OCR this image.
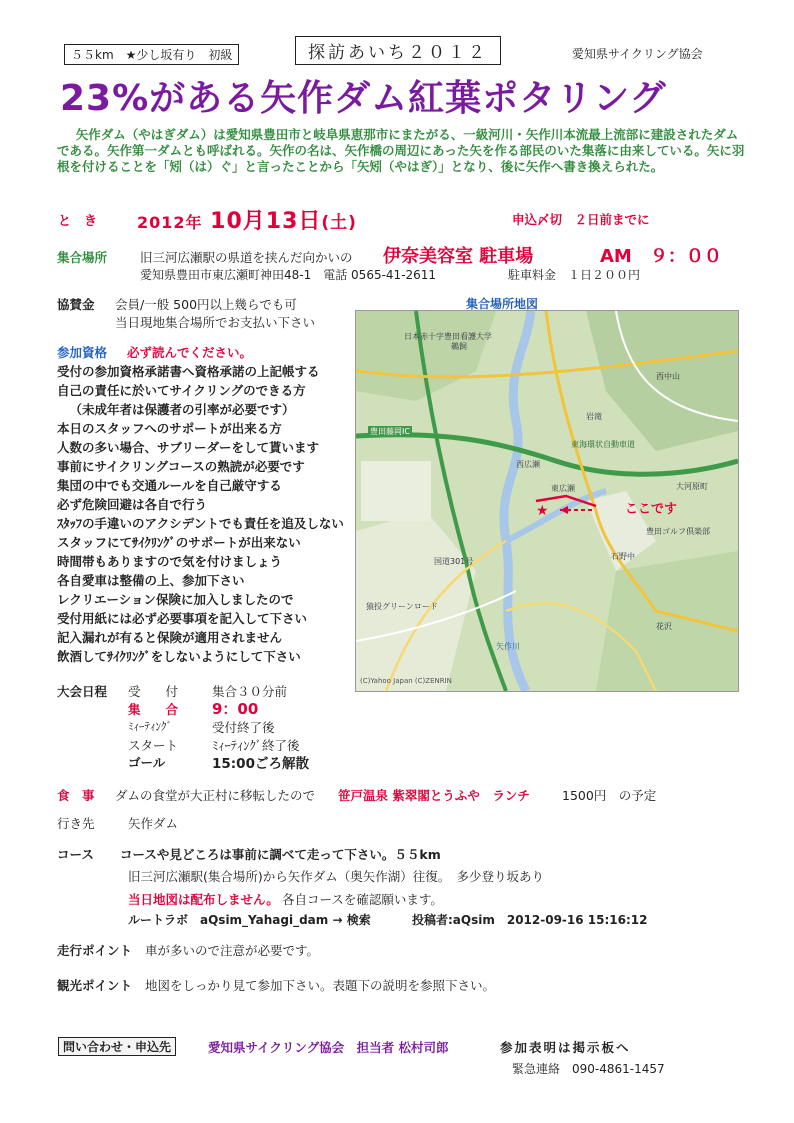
５５km　★少し坂有り　初級	探訪あいち２０１２	愛知県サイクリング協会
23%がある矢作ダム紅葉ポタリング
矢作ダム（やはぎダム）は愛知県豊田市と岐阜県恵那市にまたがる、一級河川・矢作川本流最上流部に建設されたダムである。矢作第一ダムとも呼ばれる。矢作の名は、矢作橋の周辺にあった矢を作る部民のいた集落に由来している。矢に羽根を付けることを「矧（は）ぐ」と言ったことから「矢矧（やはぎ）」となり、後に矢作へ書き換えられた。
と　き 2012年 10月13日(土)	申込〆切　２日前までに
集合場所	旧三河広瀬駅の県道を挟んだ向かいの 伊奈美容室 駐車場	AM　９：００
愛知県豊田市東広瀬町神田48-1　電話 0565-41-2611	駐車料金　１日２００円
協賛金 会員/一般 500円以上幾らでも可
当日現地集合場所でお支払い下さい
集合場所地図
★
日本赤十字豊田看護大学
豊田藤岡IC
西広瀬
豊田ゴルフ倶楽部
石野中
東海環状自動車道
猿投グリーンロード
矢作川
国道301号
岩滝
西中山
東広瀬	大河原町
鵜飼
花沢
(C)Yahoo Japan (C)ZENRIN
ここです
参加資格 必ず読んでください。
受付の参加資格承諾書へ資格承諾の上記帳する
自己の責任に於いてサイクリングのできる方
（未成年者は保護者の引率が必要です）
本日のスタッフへのサポートが出来る方
人数の多い場合、サブリーダーをして貰います
事前にサイクリングコースの熟読が必要です
集団の中でも交通ルールを自己厳守する
必ず危険回避は各自で行う
ｽﾀｯﾌの手違いのアクシデントでも責任を追及しない
スタッフにてｻｲｸﾘﾝｸﾞのサポートが出来ない
時間帯もありますので気を付けましょう
各自愛車は整備の上、参加下さい
レクリエーション保険に加入しましたので
受付用紙には必ず必要事項を記入して下さい
記入漏れが有ると保険が適用されません
飲酒してｻｲｸﾘﾝｸﾞをしないようにして下さい
大会日程 受　　付	集合３０分前
集　　合 9：00
ﾐｨｰﾃｨﾝｸﾞ	受付終了後
スタート	ﾐｨｰﾃｨﾝｸﾞ終了後
ゴール	15:00ごろ解散
食　事 ダムの食堂が大正村に移転したので 笹戸温泉 紫翠閣とうふや　ランチ	1500円　の予定
行き先	矢作ダム
コース コースや見どころは事前に調べて走って下さい。５５km
旧三河広瀬駅(集合場所)から矢作ダム（奥矢作湖）往復。　多少登り坂あり
当日地図は配布しません。 各自コースを確認願います。
ルートラボ　aQsim_Yahagi_dam → 検索	投稿者:aQsim　2012-09-16 15:16:12
走行ポイント 車が多いので注意が必要です。
観光ポイント 地図をしっかり見て参加下さい。表題下の説明を参照下さい。
問い合わせ・申込先	愛知県サイクリング協会　担当者 松村司郎	参加表明は掲示板へ
緊急連絡　090-4861-1457
